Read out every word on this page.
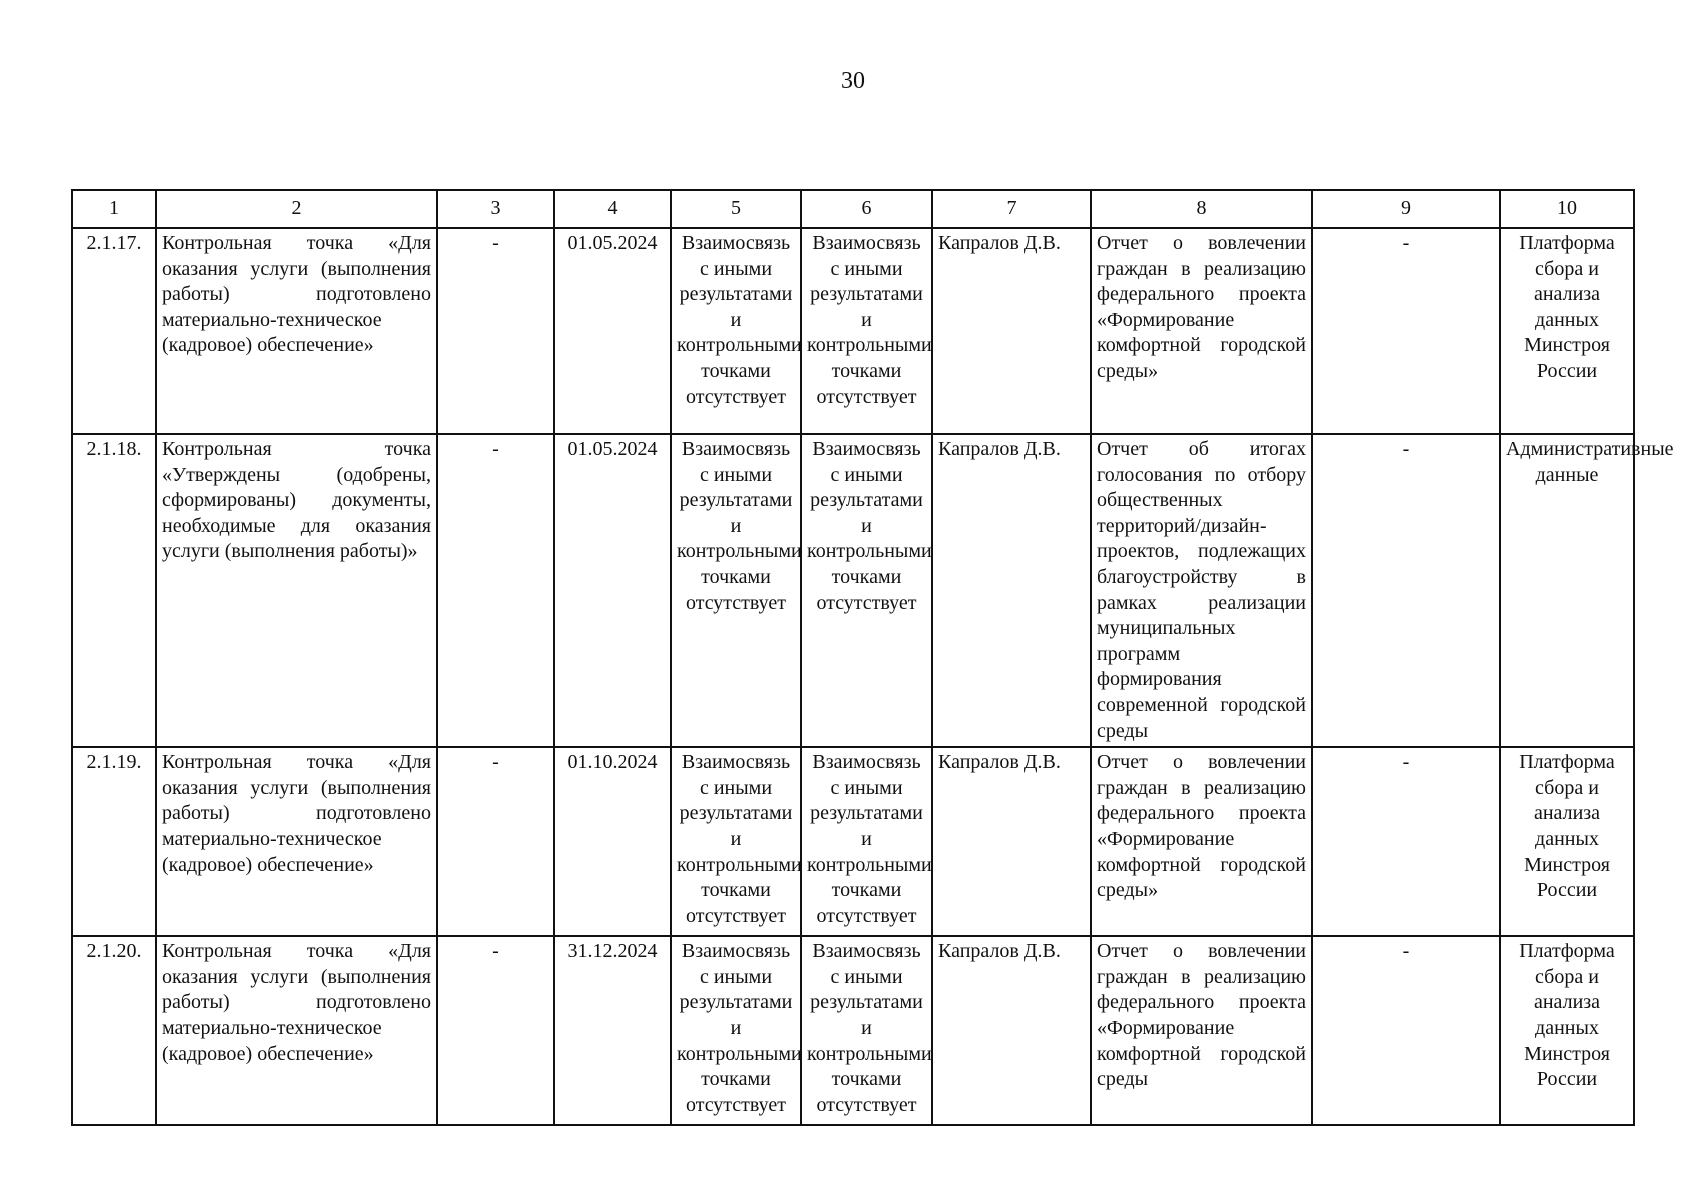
30
1	2	3	4	5	6	7	8	9	10
2.1.17.	Контрольная точка «Для оказания услуги (выполнения работы) подготовлено материально-техническое (кадровое) обеспечение»	-	01.05.2024	Взаимосвязь с иными результатами и контрольными точками отсутствует	Взаимосвязь с иными результатами и контрольными точками отсутствует	Капралов Д.В.	Отчет о вовлечении граждан в реализацию федерального проекта «Формирование комфортной городской среды»	-	Платформа сбора и анализа данных Минстроя России
2.1.18.	Контрольная точка «Утверждены (одобрены, сформированы) документы, необходимые для оказания услуги (выполнения работы)»	-	01.05.2024	Взаимосвязь с иными результатами и контрольными точками отсутствует	Взаимосвязь с иными результатами и контрольными точками отсутствует	Капралов Д.В.	Отчет об итогах голосования по отбору общественных территорий/дизайн-проектов, подлежащих благоустройству в рамках реализации муниципальных программ формирования современной городской среды	-	Административные данные
2.1.19.	Контрольная точка «Для оказания услуги (выполнения работы) подготовлено материально-техническое (кадровое) обеспечение»	-	01.10.2024	Взаимосвязь с иными результатами и контрольными точками отсутствует	Взаимосвязь с иными результатами и контрольными точками отсутствует	Капралов Д.В.	Отчет о вовлечении граждан в реализацию федерального проекта «Формирование комфортной городской среды»	-	Платформа сбора и анализа данных Минстроя России
2.1.20.	Контрольная точка «Для оказания услуги (выполнения работы) подготовлено материально-техническое (кадровое) обеспечение»	-	31.12.2024	Взаимосвязь с иными результатами и контрольными точками отсутствует	Взаимосвязь с иными результатами и контрольными точками отсутствует	Капралов Д.В.	Отчет о вовлечении граждан в реализацию федерального проекта «Формирование комфортной городской среды	-	Платформа сбора и анализа данных Минстроя России
